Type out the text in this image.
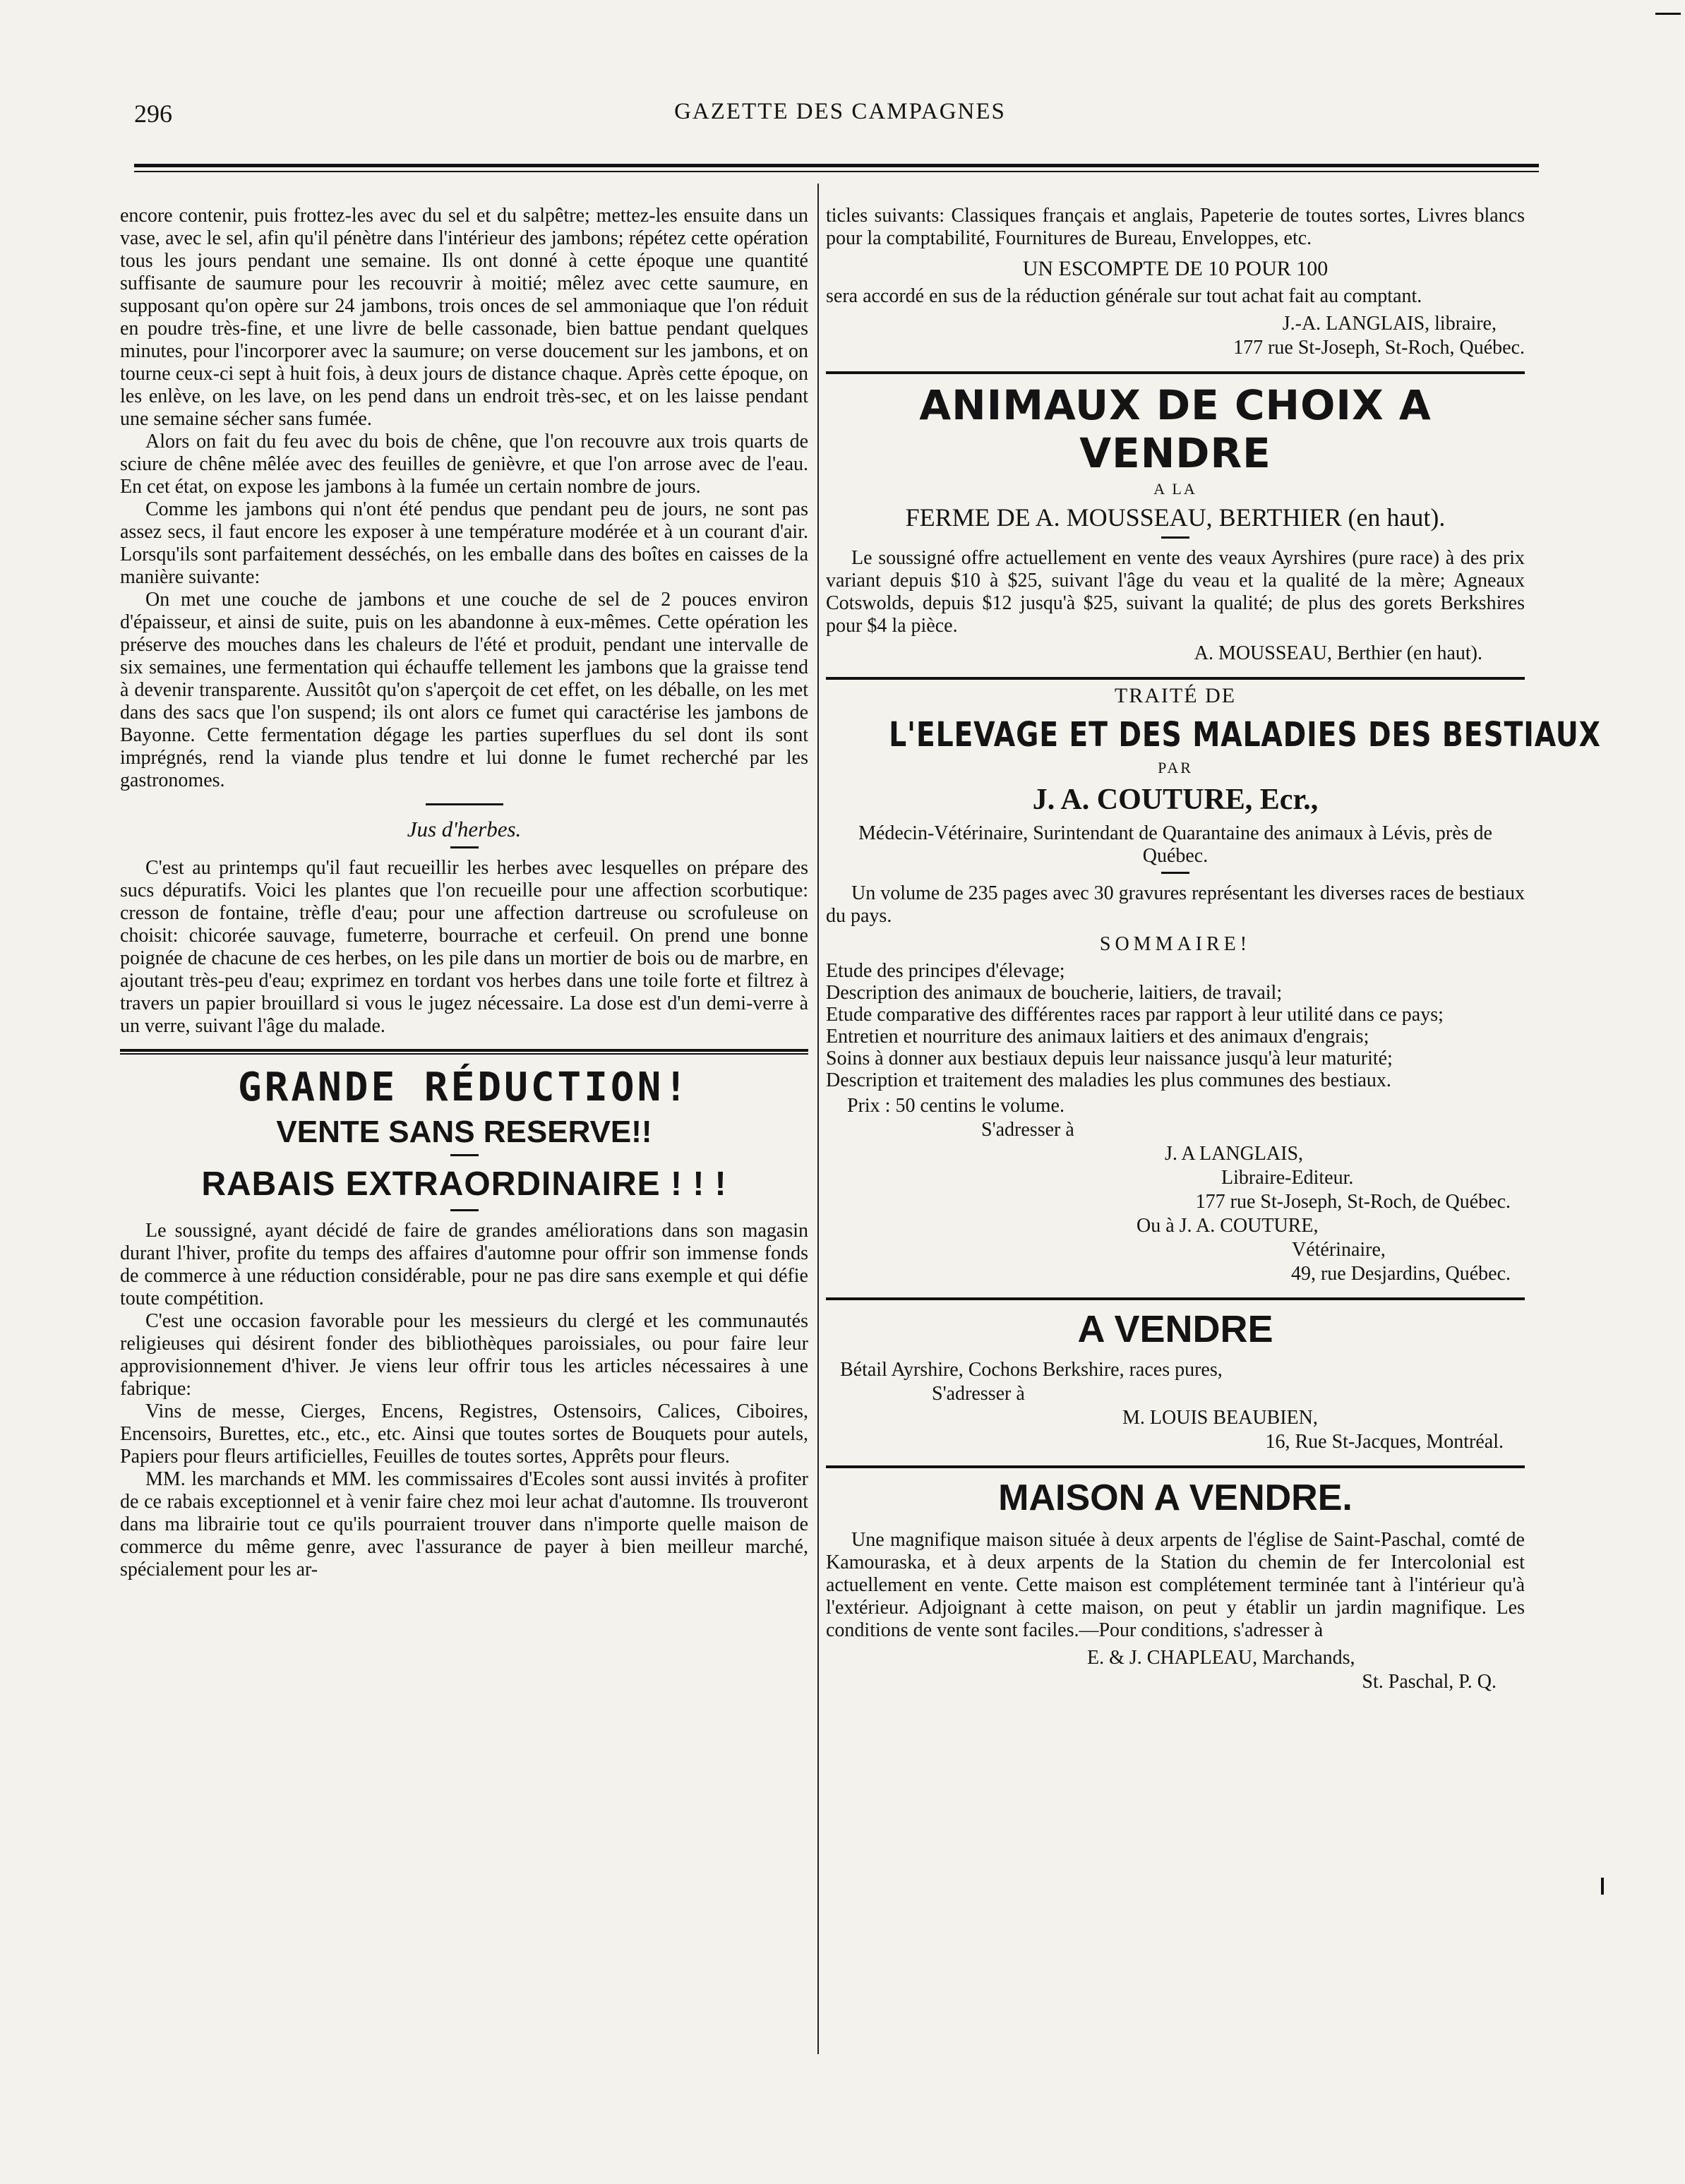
296	GAZETTE DES CAMPAGNES

encore contenir, puis frottez-les avec du sel et du salpêtre; mettez-les ensuite dans un vase, avec le sel, afin qu'il pénètre dans l'intérieur des jambons; répétez cette opération tous les jours pendant une semaine. Ils ont donné à cette époque une quantité suffisante de saumure pour les recouvrir à moitié; mêlez avec cette saumure, en supposant qu'on opère sur 24 jambons, trois onces de sel ammoniaque que l'on réduit en poudre très-fine, et une livre de belle cassonade, bien battue pendant quelques minutes, pour l'incorporer avec la saumure; on verse doucement sur les jambons, et on tourne ceux-ci sept à huit fois, à deux jours de distance chaque. Après cette époque, on les enlève, on les lave, on les pend dans un endroit très-sec, et on les laisse pendant une semaine sécher sans fumée.

Alors on fait du feu avec du bois de chêne, que l'on recouvre aux trois quarts de sciure de chêne mêlée avec des feuilles de genièvre, et que l'on arrose avec de l'eau. En cet état, on expose les jambons à la fumée un certain nombre de jours.

Comme les jambons qui n'ont été pendus que pendant peu de jours, ne sont pas assez secs, il faut encore les exposer à une température modérée et à un courant d'air. Lorsqu'ils sont parfaitement desséchés, on les emballe dans des boîtes en caisses de la manière suivante:

On met une couche de jambons et une couche de sel de 2 pouces environ d'épaisseur, et ainsi de suite, puis on les abandonne à eux-mêmes. Cette opération les préserve des mouches dans les chaleurs de l'été et produit, pendant une intervalle de six semaines, une fermentation qui échauffe tellement les jambons que la graisse tend à devenir transparente. Aussitôt qu'on s'aperçoit de cet effet, on les déballe, on les met dans des sacs que l'on suspend; ils ont alors ce fumet qui caractérise les jambons de Bayonne. Cette fermentation dégage les parties superflues du sel dont ils sont imprégnés, rend la viande plus tendre et lui donne le fumet recherché par les gastronomes.

Jus d'herbes.

C'est au printemps qu'il faut recueillir les herbes avec lesquelles on prépare des sucs dépuratifs. Voici les plantes que l'on recueille pour une affection scorbutique: cresson de fontaine, trèfle d'eau; pour une affection dartreuse ou scrofuleuse on choisit: chicorée sauvage, fumeterre, bourrache et cerfeuil. On prend une bonne poignée de chacune de ces herbes, on les pile dans un mortier de bois ou de marbre, en ajoutant très-peu d'eau; exprimez en tordant vos herbes dans une toile forte et filtrez à travers un papier brouillard si vous le jugez nécessaire. La dose est d'un demi-verre à un verre, suivant l'âge du malade.

GRANDE RÉDUCTION!
VENTE SANS RESERVE!!
RABAIS EXTRAORDINAIRE ! ! !

Le soussigné, ayant décidé de faire de grandes améliorations dans son magasin durant l'hiver, profite du temps des affaires d'automne pour offrir son immense fonds de commerce à une réduction considérable, pour ne pas dire sans exemple et qui défie toute compétition.

C'est une occasion favorable pour les messieurs du clergé et les communautés religieuses qui désirent fonder des bibliothèques paroissiales, ou pour faire leur approvisionnement d'hiver. Je viens leur offrir tous les articles nécessaires à une fabrique:

Vins de messe, Cierges, Encens, Registres, Ostensoirs, Calices, Ciboires, Encensoirs, Burettes, etc., etc., etc. Ainsi que toutes sortes de Bouquets pour autels, Papiers pour fleurs artificielles, Feuilles de toutes sortes, Apprêts pour fleurs.

MM. les marchands et MM. les commissaires d'Ecoles sont aussi invités à profiter de ce rabais exceptionnel et à venir faire chez moi leur achat d'automne. Ils trouveront dans ma librairie tout ce qu'ils pourraient trouver dans n'importe quelle maison de commerce du même genre, avec l'assurance de payer à bien meilleur marché, spécialement pour les ar-

ticles suivants: Classiques français et anglais, Papeterie de toutes sortes, Livres blancs pour la comptabilité, Fournitures de Bureau, Enveloppes, etc.

UN ESCOMPTE DE 10 POUR 100

sera accordé en sus de la réduction générale sur tout achat fait au comptant.

J.-A. LANGLAIS, libraire,
177 rue St-Joseph, St-Roch, Québec.
ANIMAUX DE CHOIX A VENDRE
A LA
FERME DE A. MOUSSEAU, BERTHIER (en haut).

Le soussigné offre actuellement en vente des veaux Ayrshires (pure race) à des prix variant depuis $10 à $25, suivant l'âge du veau et la qualité de la mère; Agneaux Cotswolds, depuis $12 jusqu'à $25, suivant la qualité; de plus des gorets Berkshires pour $4 la pièce.

A. MOUSSEAU, Berthier (en haut).
TRAITÉ DE
L'ELEVAGE ET DES MALADIES DES BESTIAUX
PAR
J. A. COUTURE, Ecr.,

Médecin-Vétérinaire, Surintendant de Quarantaine des animaux à Lévis, près de Québec.

Un volume de 235 pages avec 30 gravures représentant les diverses races de bestiaux du pays.

SOMMAIRE!
Etude des principes d'élevage;
Description des animaux de boucherie, laitiers, de travail;
Etude comparative des différentes races par rapport à leur utilité dans ce pays;
Entretien et nourriture des animaux laitiers et des animaux d'engrais;
Soins à donner aux bestiaux depuis leur naissance jusqu'à leur maturité;
Description et traitement des maladies les plus communes des bestiaux.
Prix : 50 centins le volume.
S'adresser à
J. A LANGLAIS,
Libraire-Editeur.
177 rue St-Joseph, St-Roch, de Québec.
Ou à J. A. COUTURE,
Vétérinaire,
49, rue Desjardins, Québec.
A VENDRE
Bétail Ayrshire, Cochons Berkshire, races pures,
S'adresser à
M. LOUIS BEAUBIEN,
16, Rue St-Jacques, Montréal.
MAISON A VENDRE.

Une magnifique maison située à deux arpents de l'église de Saint-Paschal, comté de Kamouraska, et à deux arpents de la Station du chemin de fer Intercolonial est actuellement en vente. Cette maison est complétement terminée tant à l'intérieur qu'à l'extérieur. Adjoignant à cette maison, on peut y établir un jardin magnifique. Les conditions de vente sont faciles.—Pour conditions, s'adresser à

E. & J. CHAPLEAU, Marchands,
St. Paschal, P. Q.
